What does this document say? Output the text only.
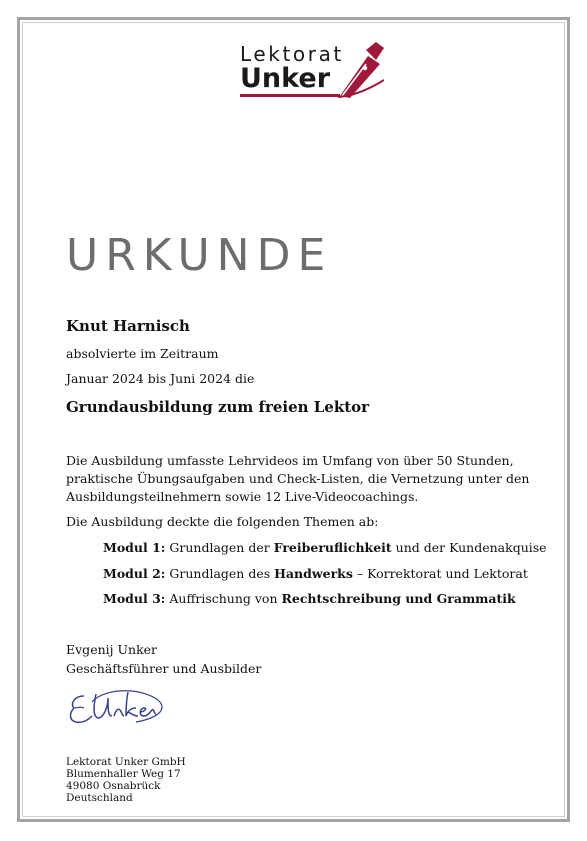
Lektorat
Unker
URKUNDE
Knut Harnisch
absolvierte im Zeitraum
Januar 2024 bis Juni 2024 die
Grundausbildung zum freien Lektor
Die Ausbildung umfasste Lehrvideos im Umfang von über 50 Stunden,
praktische Übungsaufgaben und Check-Listen, die Vernetzung unter den
Ausbildungsteilnehmern sowie 12 Live-Videocoachings.
Die Ausbildung deckte die folgenden Themen ab:
Modul 1: Grundlagen der Freiberuflichkeit und der Kundenakquise
Modul 2: Grundlagen des Handwerks – Korrektorat und Lektorat
Modul 3: Auffrischung von Rechtschreibung und Grammatik
Evgenij Unker
Geschäftsführer und Ausbilder
Lektorat Unker GmbH
Blumenhaller Weg 17
49080 Osnabrück
Deutschland
